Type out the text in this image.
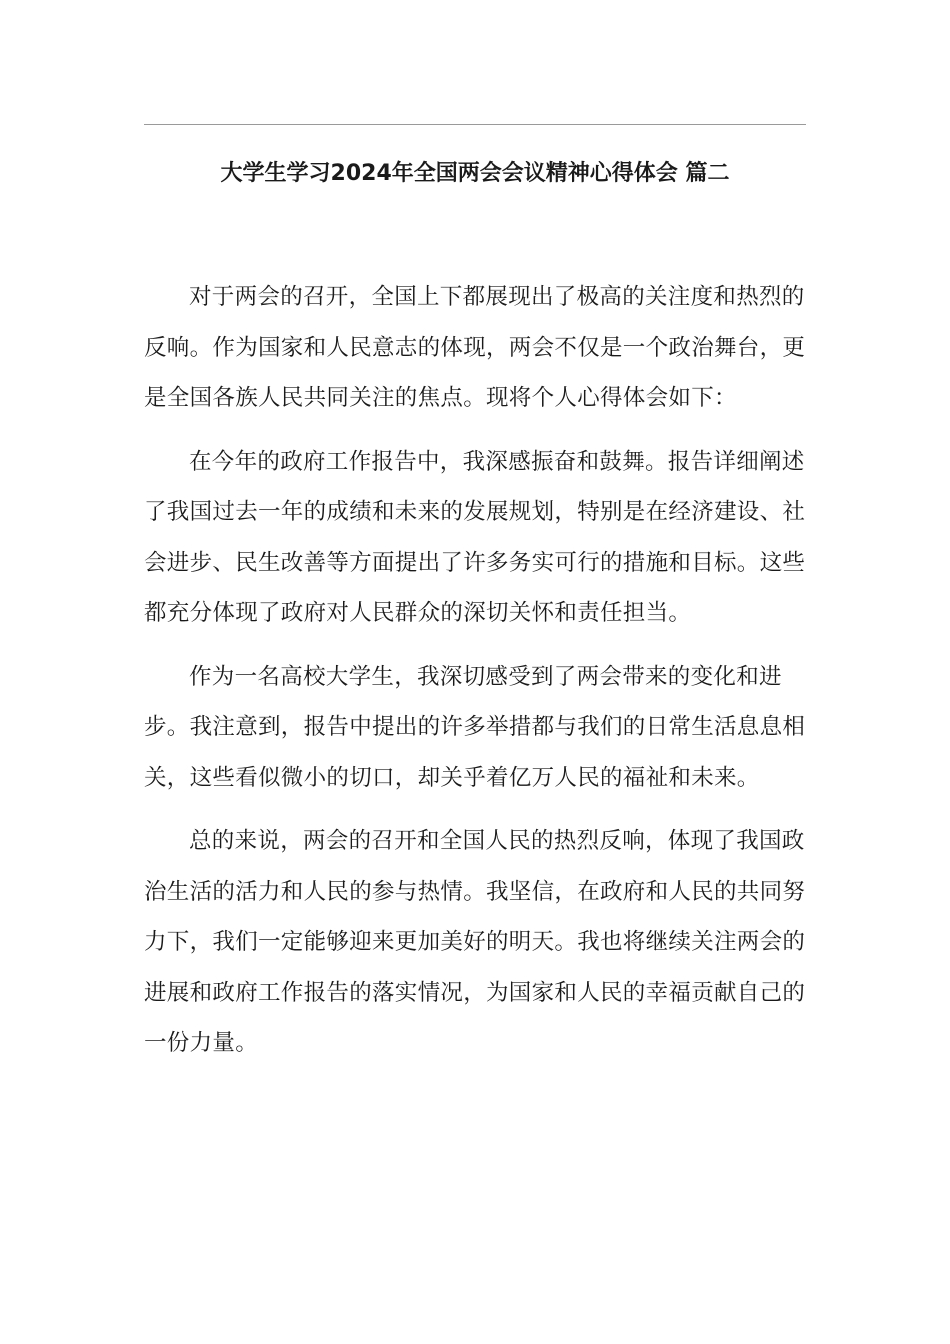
大学生学习2024年全国两会会议精神心得体会 篇二

对于两会的召开，全国上下都展现出了极高的关注度和热烈的反响。作为国家和人民意志的体现，两会不仅是一个政治舞台，更是全国各族人民共同关注的焦点。现将个人心得体会如下：

在今年的政府工作报告中，我深感振奋和鼓舞。报告详细阐述了我国过去一年的成绩和未来的发展规划，特别是在经济建设、社会进步、民生改善等方面提出了许多务实可行的措施和目标。这些都充分体现了政府对人民群众的深切关怀和责任担当。

作为一名高校大学生，我深切感受到了两会带来的变化和进步。我注意到，报告中提出的许多举措都与我们的日常生活息息相关，这些看似微小的切口，却关乎着亿万人民的福祉和未来。

总的来说，两会的召开和全国人民的热烈反响，体现了我国政治生活的活力和人民的参与热情。我坚信，在政府和人民的共同努力下，我们一定能够迎来更加美好的明天。我也将继续关注两会的进展和政府工作报告的落实情况，为国家和人民的幸福贡献自己的一份力量。
